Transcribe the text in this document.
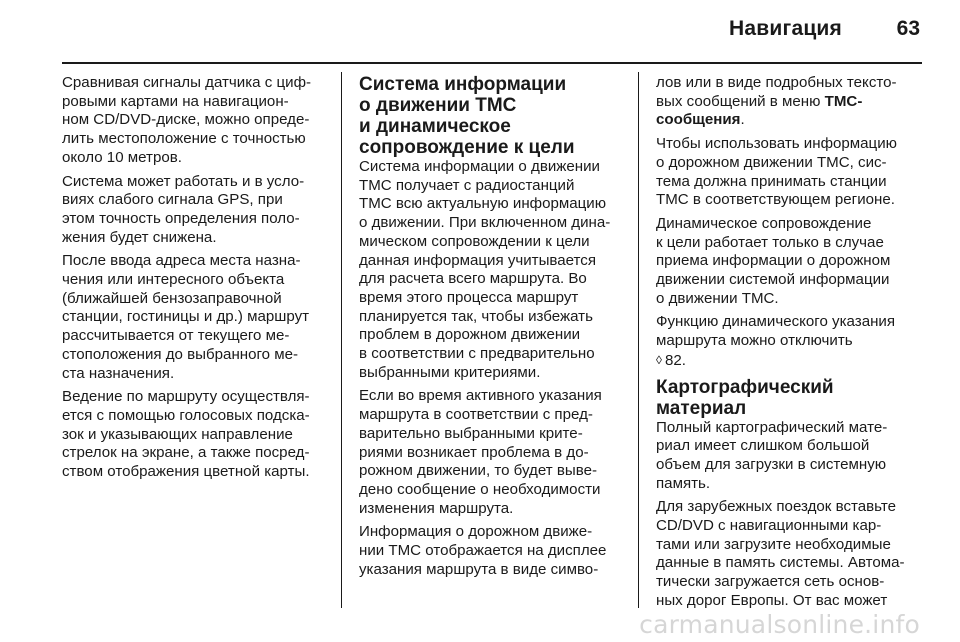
Навигация	63
Сравнивая сигналы датчика с циф-
ровыми картами на навигацион-
ном CD/DVD-диске, можно опреде-
лить местоположение с точностью
около 10 метров.
Система может работать и в усло-
виях слабого сигнала GPS, при
этом точность определения поло-
жения будет снижена.
После ввода адреса места назна-
чения или интересного объекта
(ближайшей бензозаправочной
станции, гостиницы и др.) маршрут
рассчитывается от текущего ме-
стоположения до выбранного ме-
ста назначения.
Ведение по маршруту осуществля-
ется с помощью голосовых подска-
зок и указывающих направление
стрелок на экране, а также посред-
ством отображения цветной карты.
Система информации
о движении TMC
и динамическое
сопровождение к цели
Система информации о движении
TMC получает с радиостанций
TMC всю актуальную информацию
о движении. При включенном дина-
мическом сопровождении к цели
данная информация учитывается
для расчета всего маршрута. Во
время этого процесса маршрут
планируется так, чтобы избежать
проблем в дорожном движении
в соответствии с предварительно
выбранными критериями.
Если во время активного указания
маршрута в соответствии с пред-
варительно выбранными крите-
риями возникает проблема в до-
рожном движении, то будет выве-
дено сообщение о необходимости
изменения маршрута.
Информация о дорожном движе-
нии TMC отображается на дисплее
указания маршрута в виде симво-
лов или в виде подробных тексто-
вых сообщений в меню TMC-
сообщения.
Чтобы использовать информацию
о дорожном движении TMC, сис-
тема должна принимать станции
TMC в соответствующем регионе.
Динамическое сопровождение
к цели работает только в случае
приема информации о дорожном
движении системой информации
о движении TMC.
Функцию динамического указания
маршрута можно отключить
◊ 82.
Картографический материал
Полный картографический мате-
риал имеет слишком большой
объем для загрузки в системную
память.
Для зарубежных поездок вставьте
CD/DVD с навигационными кар-
тами или загрузите необходимые
данные в память системы. Автома-
тически загружается сеть основ-
ных дорог Европы. От вас может
carmanualsonline.info
